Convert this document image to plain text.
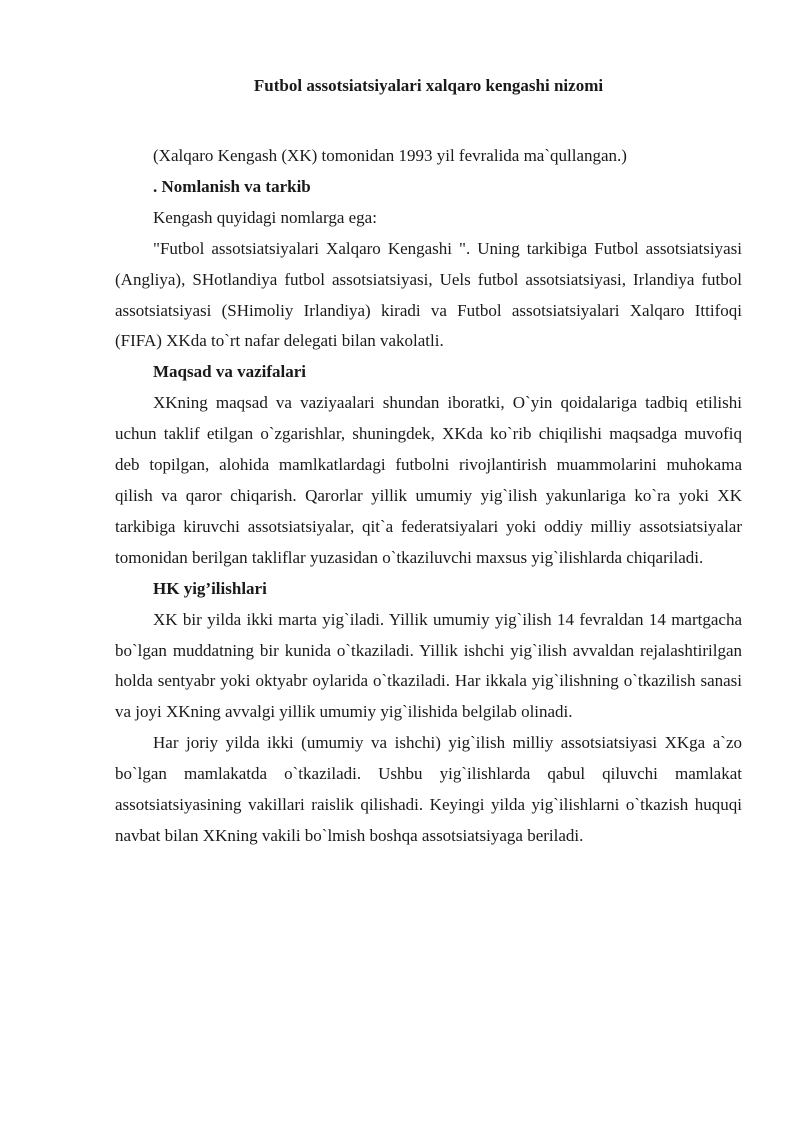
Futbol assotsiatsiyalari xalqaro kengashi nizomi

(Xalqaro Kengash (XK) tomonidan 1993 yil fevralida ma`qullangan.)

. Nomlanish va tarkib

Kengash quyidagi nomlarga ega:

"Futbol assotsiatsiyalari Xalqaro Kengashi ". Uning tarkibiga Futbol assotsiatsiyasi (Angliya), SHotlandiya futbol assotsiatsiyasi, Uels futbol assotsiatsiyasi, Irlandiya futbol assotsiatsiyasi (SHimoliy Irlandiya) kiradi va Futbol assotsiatsiyalari Xalqaro Ittifoqi (FIFA) XKda to`rt nafar delegati bilan vakolatli.

Maqsad va vazifalari

XKning maqsad va vaziyaalari shundan iboratki, O`yin qoidalariga tadbiq etilishi uchun taklif etilgan o`zgarishlar, shuningdek, XKda ko`rib chiqilishi maqsadga muvofiq deb topilgan, alohida mamlkatlardagi futbolni rivojlantirish muammolarini muhokama qilish va qaror chiqarish. Qarorlar yillik umumiy yig`ilish yakunlariga ko`ra yoki XK tarkibiga kiruvchi assotsiatsiyalar, qit`a federatsiyalari yoki oddiy milliy assotsiatsiyalar tomonidan berilgan takliflar yuzasidan o`tkaziluvchi maxsus yig`ilishlarda chiqariladi.

HK yig’ilishlari

XK bir yilda ikki marta yig`iladi. Yillik umumiy yig`ilish 14 fevraldan 14 martgacha bo`lgan muddatning bir kunida o`tkaziladi. Yillik ishchi yig`ilish avvaldan rejalashtirilgan holda sentyabr yoki oktyabr oylarida o`tkaziladi. Har ikkala yig`ilishning o`tkazilish sanasi va joyi XKning avvalgi yillik umumiy yig`ilishida belgilab olinadi.

Har joriy yilda ikki (umumiy va ishchi) yig`ilish milliy assotsiatsiyasi XKga a`zo bo`lgan mamlakatda o`tkaziladi. Ushbu yig`ilishlarda qabul qiluvchi mamlakat assotsiatsiyasining vakillari raislik qilishadi. Keyingi yilda yig`ilishlarni o`tkazish huquqi navbat bilan XKning vakili bo`lmish boshqa assotsiatsiyaga beriladi.
